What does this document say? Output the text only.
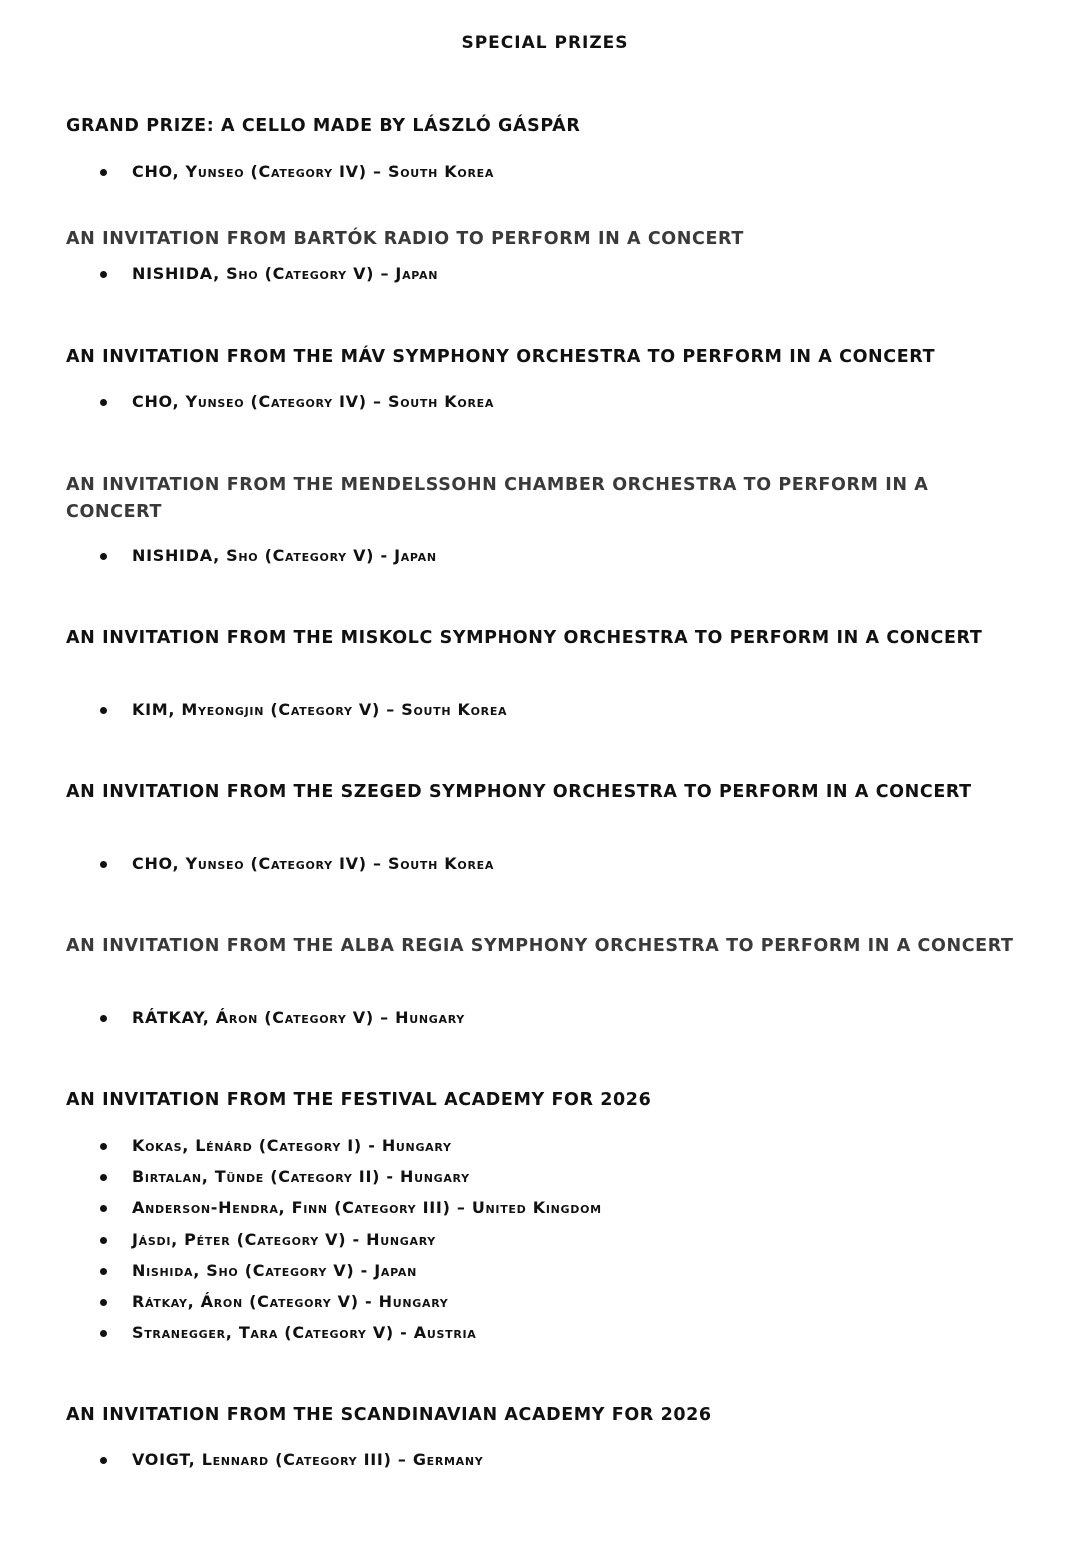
SPECIAL PRIZES
GRAND PRIZE: A CELLO MADE BY LÁSZLÓ GÁSPÁR
CHO, Yunseo (Category IV) – South Korea
AN INVITATION FROM BARTÓK RADIO TO PERFORM IN A CONCERT
NISHIDA, Sho (Category V) – Japan
AN INVITATION FROM THE MÁV SYMPHONY ORCHESTRA TO PERFORM IN A CONCERT
CHO, Yunseo (Category IV) – South Korea
AN INVITATION FROM THE MENDELSSOHN CHAMBER ORCHESTRA TO PERFORM IN A CONCERT
NISHIDA, Sho (Category V) - Japan
AN INVITATION FROM THE MISKOLC SYMPHONY ORCHESTRA TO PERFORM IN A CONCERT
KIM, Myeongjin (Category V) – South Korea
AN INVITATION FROM THE SZEGED SYMPHONY ORCHESTRA TO PERFORM IN A CONCERT
CHO, Yunseo (Category IV) – South Korea
AN INVITATION FROM THE ALBA REGIA SYMPHONY ORCHESTRA TO PERFORM IN A CONCERT
RÁTKAY, Áron (Category V) – Hungary
AN INVITATION FROM THE FESTIVAL ACADEMY FOR 2026
Kokas, Lénárd (Category I) - Hungary
Birtalan, Tünde (Category II) - Hungary
Anderson-Hendra, Finn (Category III) – United Kingdom
Jásdi, Péter (Category V) - Hungary
Nishida, Sho (Category V) - Japan
Rátkay, Áron (Category V) - Hungary
Stranegger, Tara (Category V) - Austria
AN INVITATION FROM THE SCANDINAVIAN ACADEMY FOR 2026
VOIGT, Lennard (Category III) – Germany
